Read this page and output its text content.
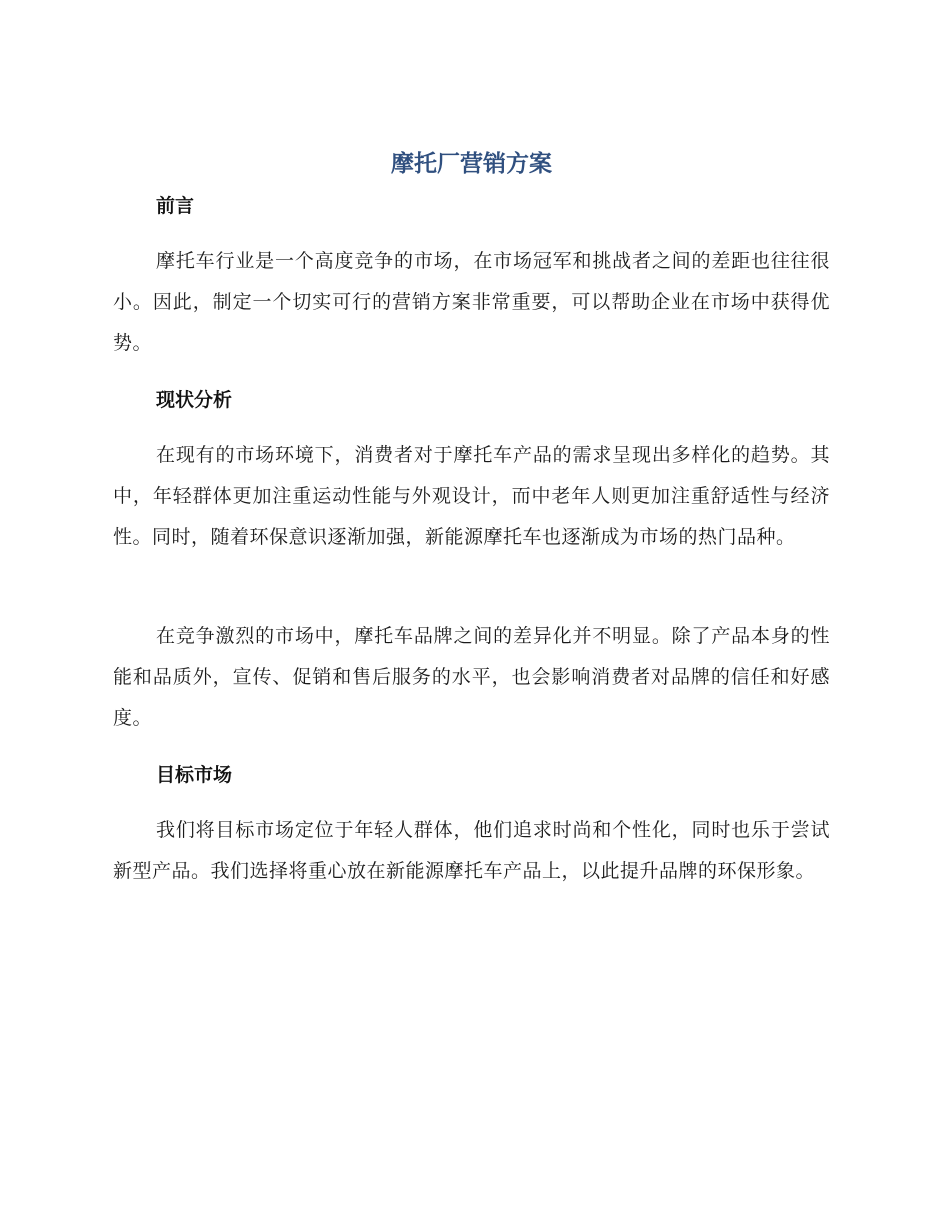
摩托厂营销方案
前言

摩托车行业是一个高度竞争的市场，在市场冠军和挑战者之间的差距也往往很小。因此，制定一个切实可行的营销方案非常重要，可以帮助企业在市场中获得优势。

现状分析

在现有的市场环境下，消费者对于摩托车产品的需求呈现出多样化的趋势。其中，年轻群体更加注重运动性能与外观设计，而中老年人则更加注重舒适性与经济性。同时，随着环保意识逐渐加强，新能源摩托车也逐渐成为市场的热门品种。

在竞争激烈的市场中，摩托车品牌之间的差异化并不明显。除了产品本身的性能和品质外，宣传、促销和售后服务的水平，也会影响消费者对品牌的信任和好感度。

目标市场

我们将目标市场定位于年轻人群体，他们追求时尚和个性化，同时也乐于尝试新型产品。我们选择将重心放在新能源摩托车产品上，以此提升品牌的环保形象。
